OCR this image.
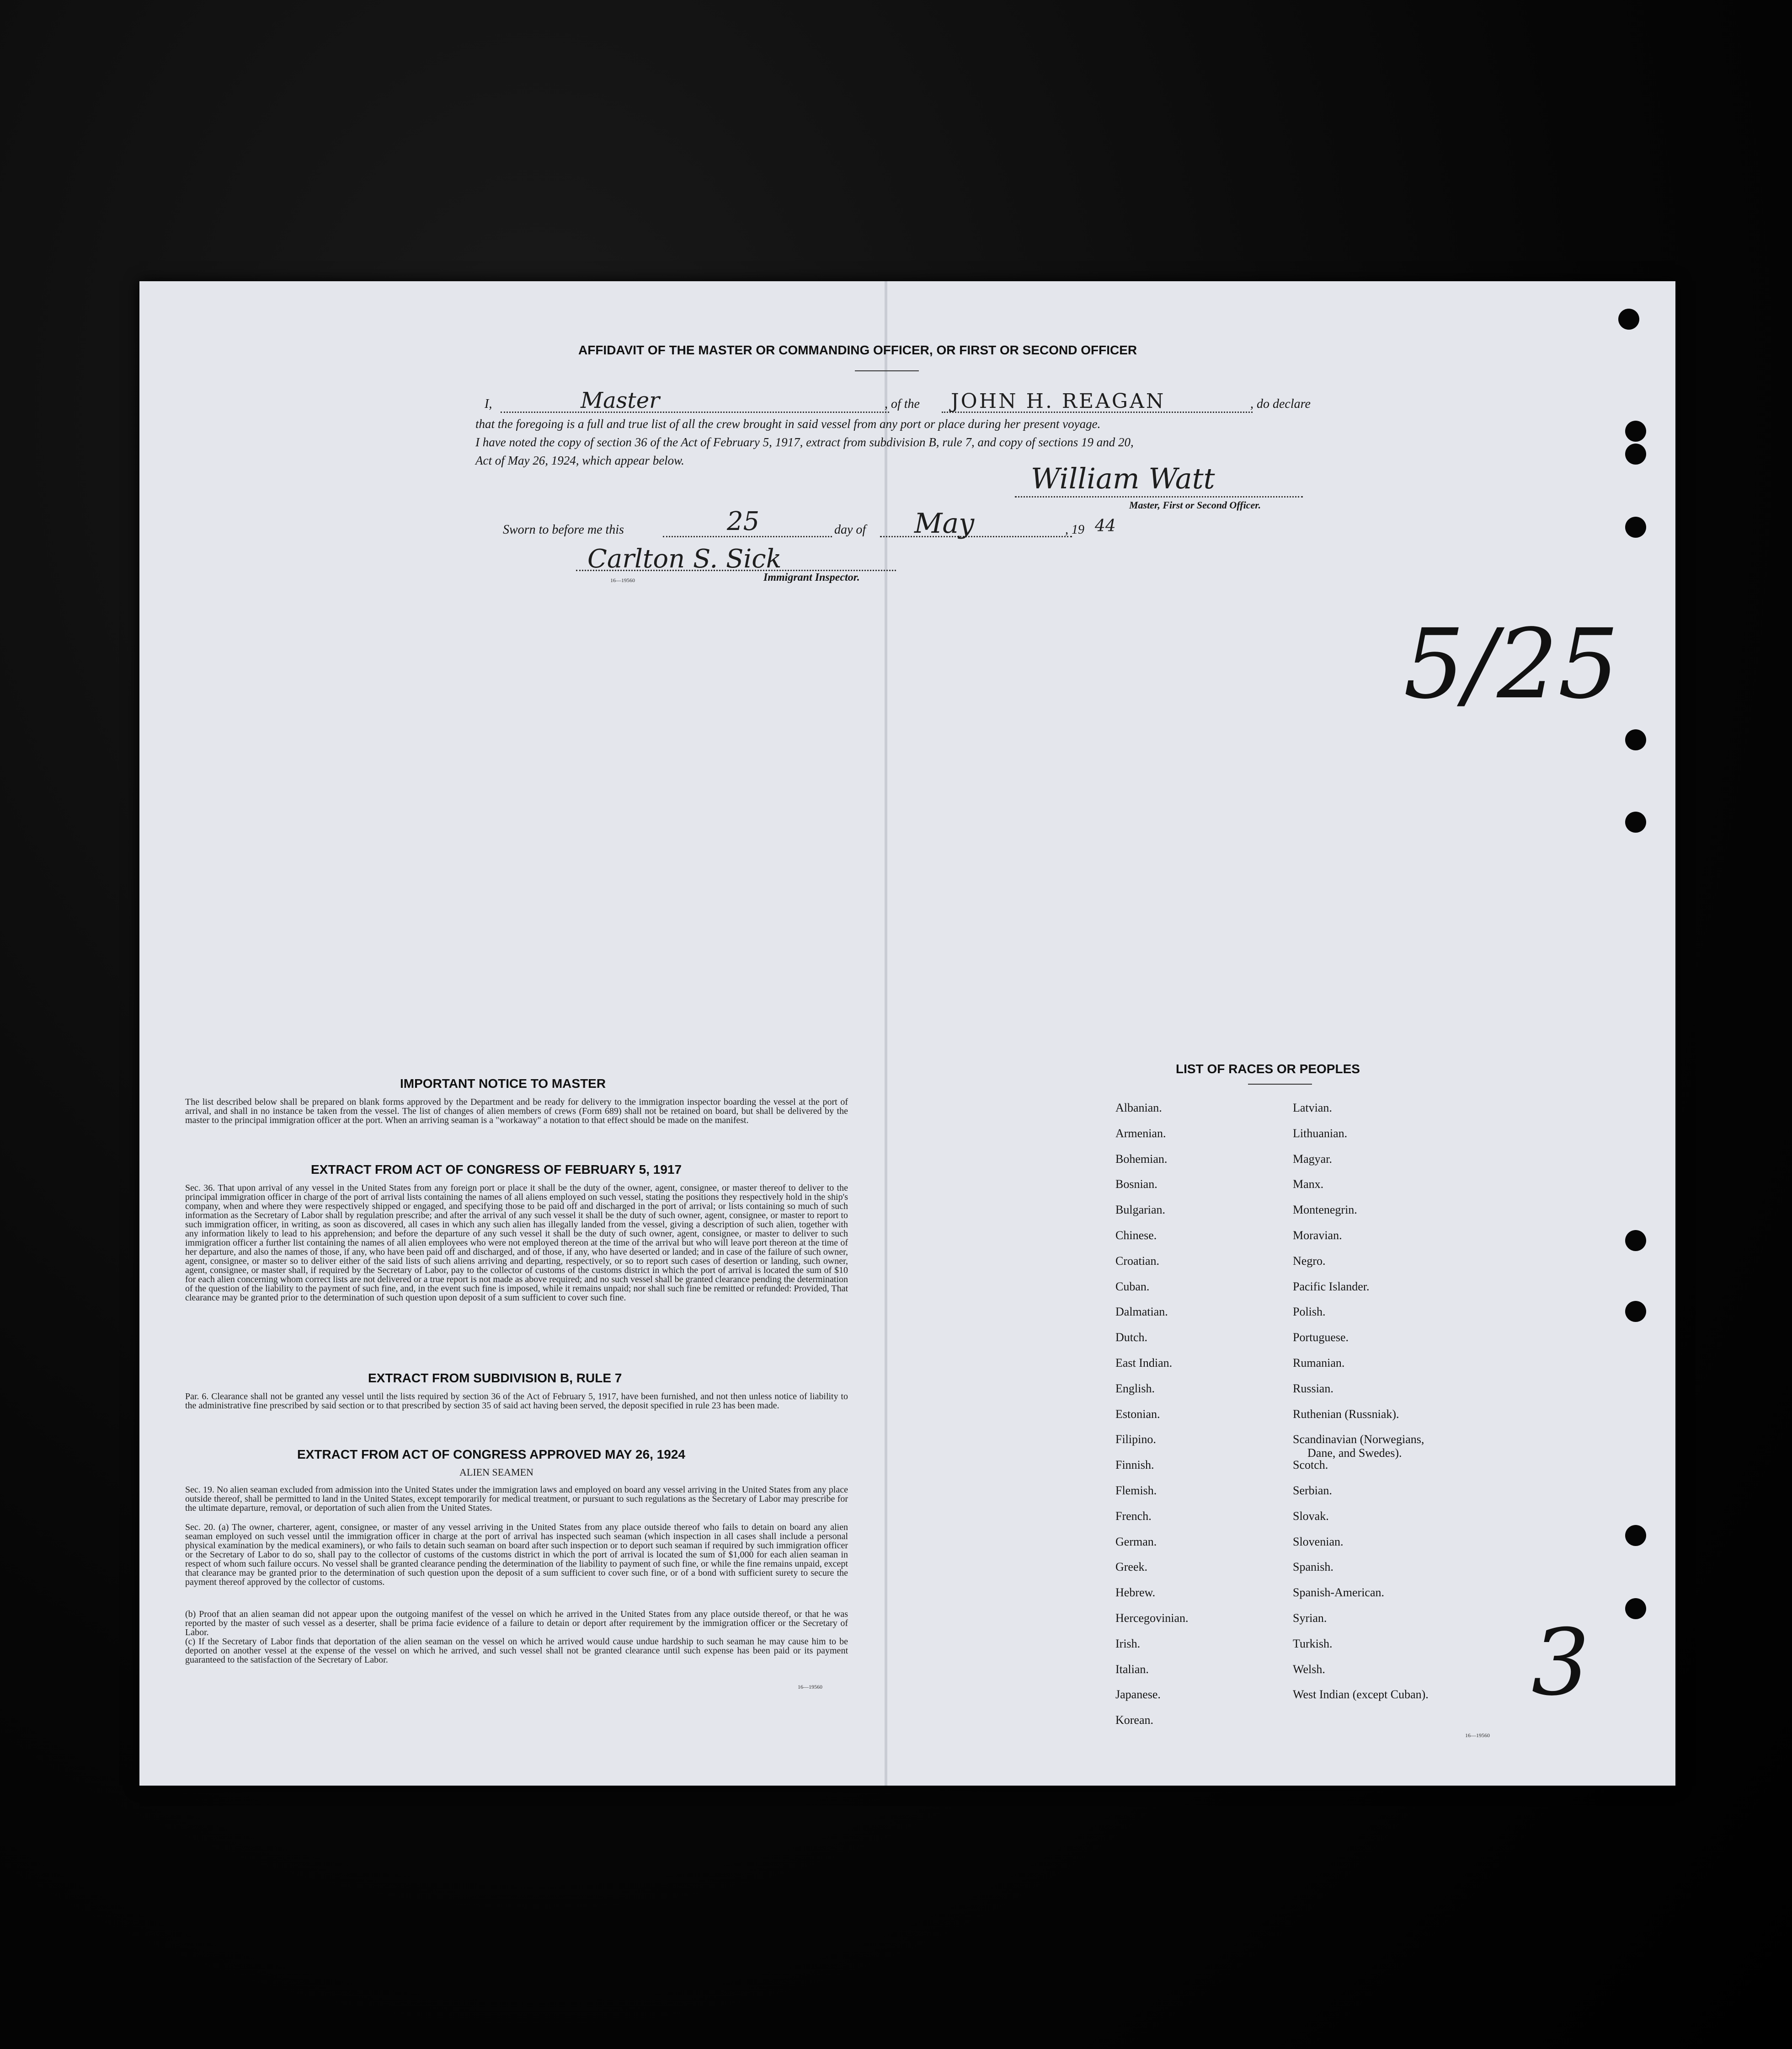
AFFIDAVIT OF THE MASTER OR COMMANDING OFFICER, OR FIRST OR SECOND OFFICER
I,	Master	, of the JOHN H. REAGAN	, do declare
that the foregoing is a full and true list of all the crew brought in said vessel from any port or place during her present voyage.
I have noted the copy of section 36 of the Act of February 5, 1917, extract from subdivision B, rule 7, and copy of sections 19 and 20,
Act of May 26, 1924, which appear below.
William Watt
Master, First or Second Officer.
Sworn to before me this	25	day of May	, 19 44
Carlton S. Sick
16—19560	Immigrant Inspector.
5/25
3
IMPORTANT NOTICE TO MASTER
The list described below shall be prepared on blank forms approved by the Department and be ready for delivery to the immigration inspector boarding the vessel at the port of arrival, and shall in no instance be taken from the vessel. The list of changes of alien members of crews (Form 689) shall not be retained on board, but shall be delivered by the master to the principal immigration officer at the port. When an arriving seaman is a "workaway" a notation to that effect should be made on the manifest.
EXTRACT FROM ACT OF CONGRESS OF FEBRUARY 5, 1917
Sec. 36. That upon arrival of any vessel in the United States from any foreign port or place it shall be the duty of the owner, agent, consignee, or master thereof to deliver to the principal immigration officer in charge of the port of arrival lists containing the names of all aliens employed on such vessel, stating the positions they respectively hold in the ship's company, when and where they were respectively shipped or engaged, and specifying those to be paid off and discharged in the port of arrival; or lists containing so much of such information as the Secretary of Labor shall by regulation prescribe; and after the arrival of any such vessel it shall be the duty of such owner, agent, consignee, or master to report to such immigration officer, in writing, as soon as discovered, all cases in which any such alien has illegally landed from the vessel, giving a description of such alien, together with any information likely to lead to his apprehension; and before the departure of any such vessel it shall be the duty of such owner, agent, consignee, or master to deliver to such immigration officer a further list containing the names of all alien employees who were not employed thereon at the time of the arrival but who will leave port thereon at the time of her departure, and also the names of those, if any, who have been paid off and discharged, and of those, if any, who have deserted or landed; and in case of the failure of such owner, agent, consignee, or master so to deliver either of the said lists of such aliens arriving and departing, respectively, or so to report such cases of desertion or landing, such owner, agent, consignee, or master shall, if required by the Secretary of Labor, pay to the collector of customs of the customs district in which the port of arrival is located the sum of $10 for each alien concerning whom correct lists are not delivered or a true report is not made as above required; and no such vessel shall be granted clearance pending the determination of the question of the liability to the payment of such fine, and, in the event such fine is imposed, while it remains unpaid; nor shall such fine be remitted or refunded: Provided, That clearance may be granted prior to the determination of such question upon deposit of a sum sufficient to cover such fine.
EXTRACT FROM SUBDIVISION B, RULE 7
Par. 6. Clearance shall not be granted any vessel until the lists required by section 36 of the Act of February 5, 1917, have been furnished, and not then unless notice of liability to the administrative fine prescribed by said section or to that prescribed by section 35 of said act having been served, the deposit specified in rule 23 has been made.
EXTRACT FROM ACT OF CONGRESS APPROVED MAY 26, 1924
ALIEN SEAMEN
Sec. 19. No alien seaman excluded from admission into the United States under the immigration laws and employed on board any vessel arriving in the United States from any place outside thereof, shall be permitted to land in the United States, except temporarily for medical treatment, or pursuant to such regulations as the Secretary of Labor may prescribe for the ultimate departure, removal, or deportation of such alien from the United States.
Sec. 20. (a) The owner, charterer, agent, consignee, or master of any vessel arriving in the United States from any place outside thereof who fails to detain on board any alien seaman employed on such vessel until the immigration officer in charge at the port of arrival has inspected such seaman (which inspection in all cases shall include a personal physical examination by the medical examiners), or who fails to detain such seaman on board after such inspection or to deport such seaman if required by such immigration officer or the Secretary of Labor to do so, shall pay to the collector of customs of the customs district in which the port of arrival is located the sum of $1,000 for each alien seaman in respect of whom such failure occurs. No vessel shall be granted clearance pending the determination of the liability to payment of such fine, or while the fine remains unpaid, except that clearance may be granted prior to the determination of such question upon the deposit of a sum sufficient to cover such fine, or of a bond with sufficient surety to secure the payment thereof approved by the collector of customs.
(b) Proof that an alien seaman did not appear upon the outgoing manifest of the vessel on which he arrived in the United States from any place outside thereof, or that he was reported by the master of such vessel as a deserter, shall be prima facie evidence of a failure to detain or deport after requirement by the immigration officer or the Secretary of Labor.
(c) If the Secretary of Labor finds that deportation of the alien seaman on the vessel on which he arrived would cause undue hardship to such seaman he may cause him to be deported on another vessel at the expense of the vessel on which he arrived, and such vessel shall not be granted clearance until such expense has been paid or its payment guaranteed to the satisfaction of the Secretary of Labor.
16—19560
LIST OF RACES OR PEOPLES
Albanian.
Armenian.
Bohemian.
Bosnian.
Bulgarian.
Chinese.
Croatian.
Cuban.
Dalmatian.
Dutch.
East Indian.
English.
Estonian.
Filipino.
Finnish.
Flemish.
French.
German.
Greek.
Hebrew.
Hercegovinian.
Irish.
Italian.
Japanese.
Korean.
Latvian.
Lithuanian.
Magyar.
Manx.
Montenegrin.
Moravian.
Negro.
Pacific Islander.
Polish.
Portuguese.
Rumanian.
Russian.
Ruthenian (Russniak).
Scandinavian (Norwegians,
Dane, and Swedes).
Scotch.
Serbian.
Slovak.
Slovenian.
Spanish.
Spanish-American.
Syrian.
Turkish.
Welsh.
West Indian (except Cuban).
16—19560
